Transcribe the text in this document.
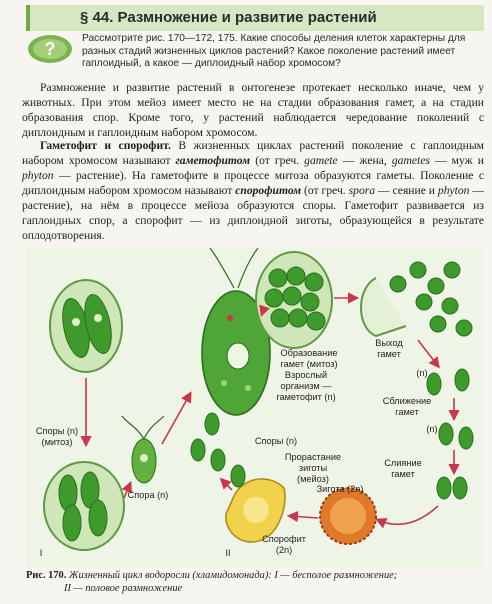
§ 44. Размножение и развитие растений
?
Рассмотрите рис. 170—172, 175. Какие способы деления клеток характерны для разных стадий жизненных циклов растений? Какое поколение растений имеет гаплоидный, а какое — диплоидный набор хромосом?

Размножение и развитие растений в онтогенезе протекает несколько иначе, чем у животных. При этом мейоз имеет место не на стадии образования гамет, а на стадии образования спор. Кроме того, у растений наблюдается чередование поколений с диплоидным и гаплоидным набором хромосом.

Гаметофит и спорофит. В жизненных циклах растений поколение с гаплоидным набором хромосом называют гаметофитом (от греч. gamete — жена, gametes — муж и phyton — растение). На гаметофите в процессе митоза образуются гаметы. Поколение с диплоидным набором хромосом называют спорофитом (от греч. spora — сеяние и phyton — растение), на нём в процессе мейоза образуются споры. Гаметофит развивается из гаплоидных спор, а спорофит — из диплоидной зиготы, образующейся в результате оплодотворения.

Споры (n)
(митоз)
Спора (n)
Образование
гамет (митоз)
Взрослый
организм —
гаметофит (n)
Выход
гамет
(n)
Сближение
гамет
(n)
Слияние
гамет
Споры (n)
Прорастание
зиготы
(мейоз)
Зигота (2n)
Спорофит
(2n)
I	II
Рис. 170. Жизненный цикл водоросли (хламидомонада): I — бесполое размножение;
II — половое размножение
